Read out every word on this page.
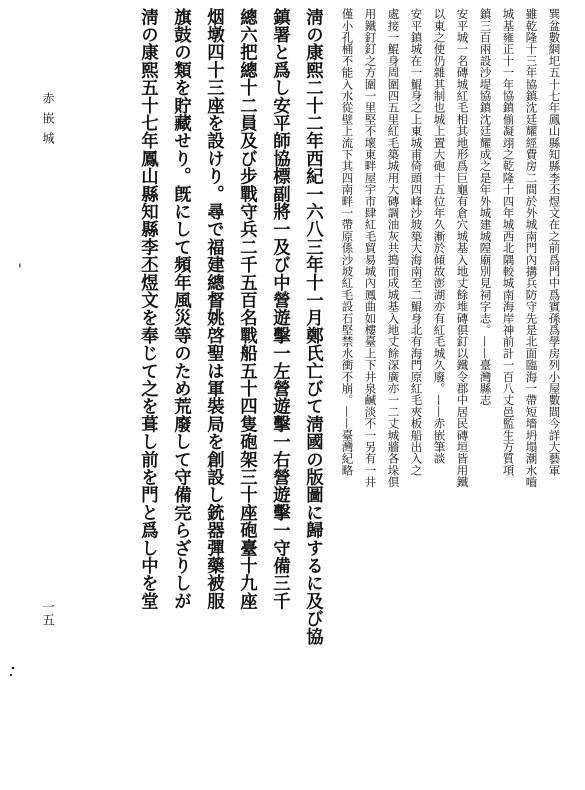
巽盆數網圯五十七年鳳山縣知縣李丕煜文在之前爲門中爲賓孫爲學房列小屋數間今詳大藝軍
雖乾隆十三年協鎮沈廷耀經費房二間於外城南門內搆兵防守先是北面臨海一帶短墻坍塌潮水嚙
城基雍正十一年協鎮偂凝翊之乾隆十四年城西北隅較城南海岸神前計一百八丈邑監生方質項
鎮三百兩設沙堤協鎮沈廷耀成之是年外城建城隍廟別見祠字志。——臺灣縣志
安平城一名磚城紅毛相其地形爲巨龜有倉穴城基入地丈餘堆磚倶釘以鐵令郡中居民磚垣皆用鐵
以東之使仍雜其制也城上置大砲十五位年久漸於傾故澎湖亦有紅毛城久廢。——赤嵌筆談
安平鎮城在一鯤身之上東城甫倚頭四峰沙坡築大海南至二鯤身北有海門原紅毛夾板船出入之
處接一鯤身周圍四五里紅毛築城用大磚調油灰共搗而成城基入地丈餘深廣亦一二丈城牆各垛倶
用鐵釘釘之方圍一里堅不壞東畔屋宇市肆紅毛貿易城內鳳曲如樓臺上下井泉鹹淡不一另有一井
僅小孔桶不能入水從壁上流下其四南畔一帶原係沙坡紅毛設石堅禁水衝不崩。——臺灣紀略
淸の康熙二十二年西紀一六八三年十一月鄭氏亡びて淸國の版圖に歸するに及び協
鎮署と爲し安平師協標副將一及び中營遊擊一左營遊擊一右營遊擊一守備三千
總六把總十二員及び步戰守兵二千五百名戰船五十四隻砲架三十座砲臺十九座
烟墩四十三座を設けり。尋で福建總督姚啓聖は軍裝局を創設し銃器彈藥被服
旗鼓の類を貯藏せり。旣にして頻年風災等のため荒廢して守備完らざりしが
淸の康熙五十七年鳳山縣知縣李丕煜文を奉じて之を葺し前を門と爲し中を堂
赤嵌城
'
一五
